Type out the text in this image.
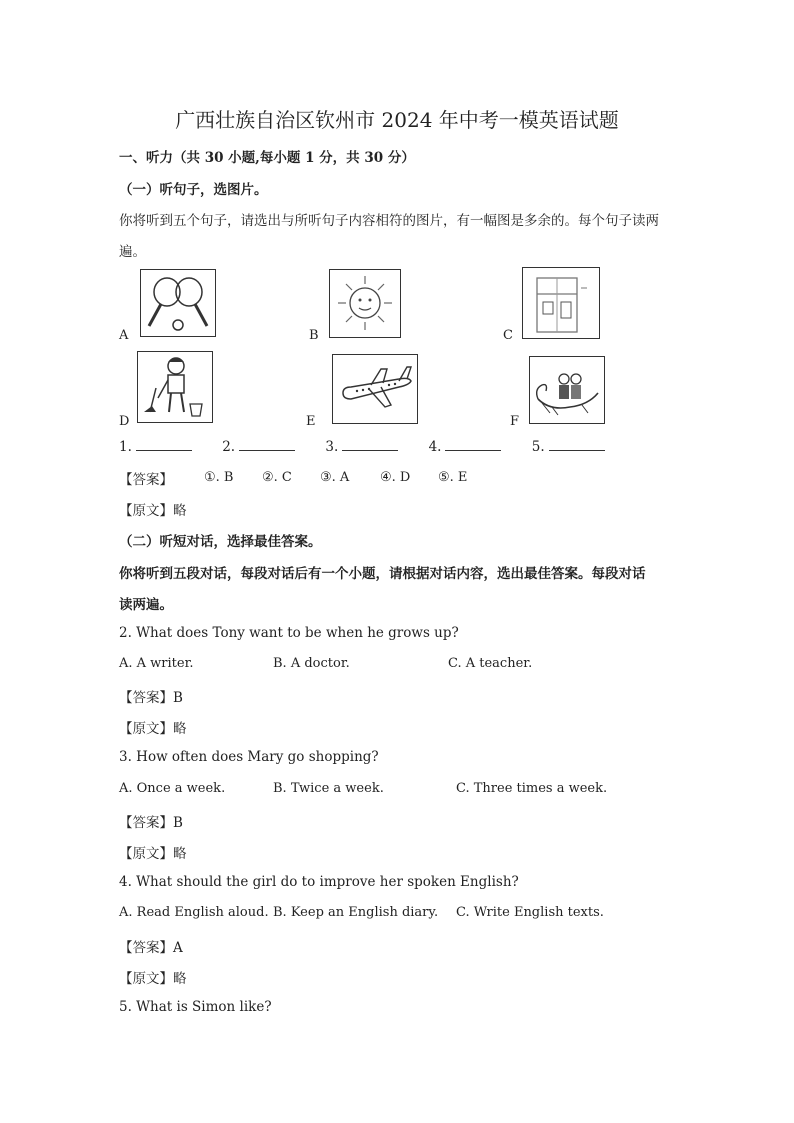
广西壮族自治区钦州市 2024 年中考一模英语试题
一、听力（共 30 小题,每小题 1 分，共 30 分）
（一）听句子，选图片。
你将听到五个句子，请选出与所听句子内容相符的图片，有一幅图是多余的。每个句子读两
遍。
A	B	C
D	E	F
1.	2.	3.	4.	5.
【答案】 ①. B ②. C ③. A ④. D ⑤. E
【原文】略
（二）听短对话，选择最佳答案。
你将听到五段对话，每段对话后有一个小题，请根据对话内容，选出最佳答案。每段对话
读两遍。
2. What does Tony want to be when he grows up?
A. A writer.	B. A doctor.	C. A teacher.
【答案】B
【原文】略
3. How often does Mary go shopping?
A. Once a week.	B. Twice a week.	C. Three times a week.
【答案】B
【原文】略
4. What should the girl do to improve her spoken English?
A. Read English aloud. B. Keep an English diary. C. Write English texts.
【答案】A
【原文】略
5. What is Simon like?
